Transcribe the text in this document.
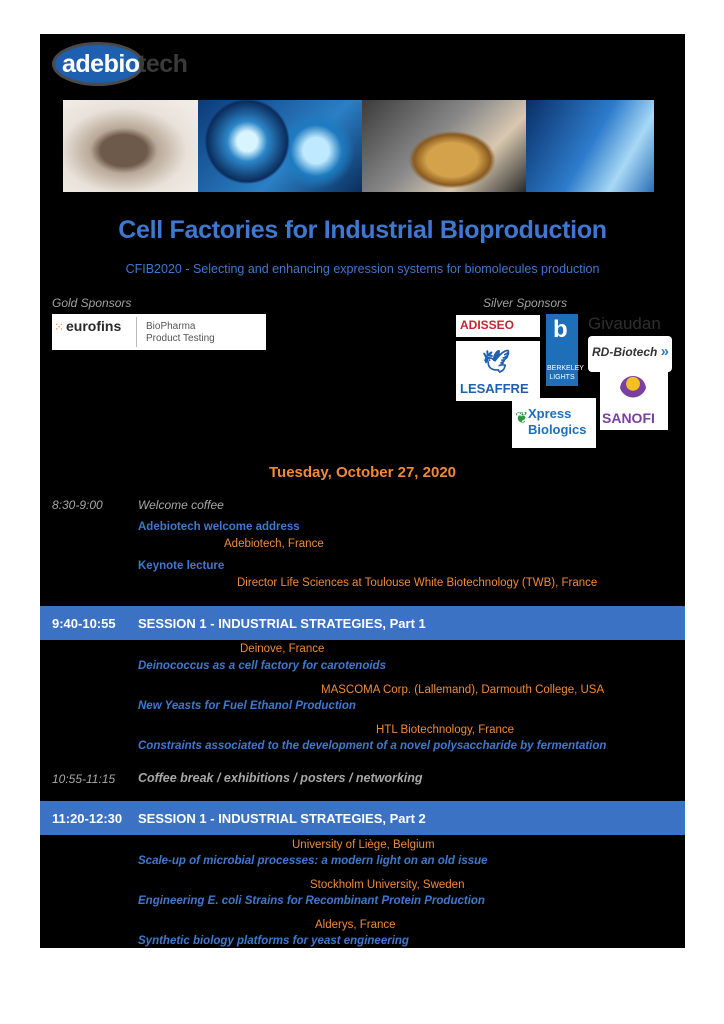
adebio
tech
Cell Factories for Industrial Bioproduction
CFIB2020 - Selecting and enhancing expression systems for biomolecules production
Gold Sponsors	Silver Sponsors
⁙ eurofins BioPharma
Product Testing
ADISSEO b
BERKELEY
LIGHTS
Givaudan
RD-Biotech »
🕊
LESAFFRE
SANOFI
❦ Xpress
Biologics
Tuesday, October 27, 2020
8:30-9:00	Welcome coffee
Adebiotech welcome address
Adebiotech, France
Keynote lecture
Director Life Sciences at Toulouse White Biotechnology (TWB), France
9:40-10:55 SESSION 1 - INDUSTRIAL STRATEGIES, Part 1
Deinove, France
Deinococcus as a cell factory for carotenoids
MASCOMA Corp. (Lallemand), Darmouth College, USA
New Yeasts for Fuel Ethanol Production
HTL Biotechnology, France
Constraints associated to the development of a novel polysaccharide by fermentation
10:55-11:15 Coffee break / exhibitions / posters / networking
11:20-12:30 SESSION 1 - INDUSTRIAL STRATEGIES, Part 2
University of Liège, Belgium
Scale-up of microbial processes: a modern light on an old issue
Stockholm University, Sweden
Engineering E. coli Strains for Recombinant Protein Production
Alderys, France
Synthetic biology platforms for yeast engineering
